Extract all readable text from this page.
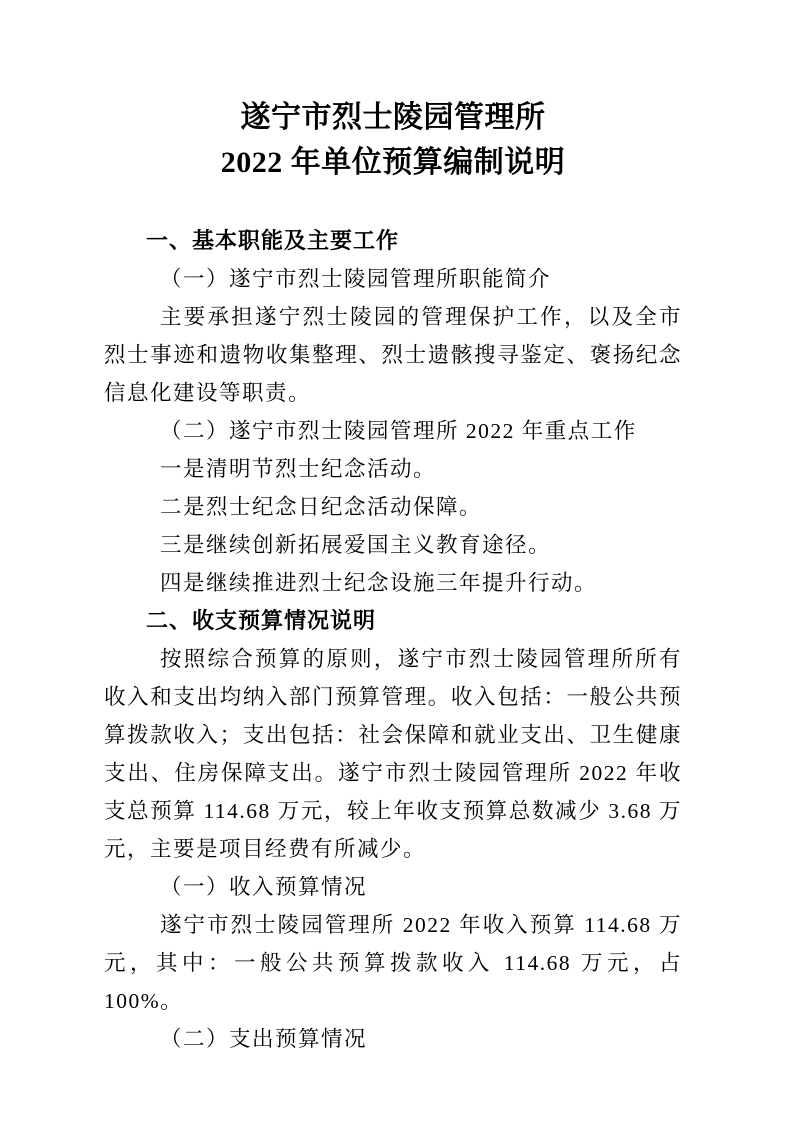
遂宁市烈士陵园管理所
2022 年单位预算编制说明

一、基本职能及主要工作

（一）遂宁市烈士陵园管理所职能简介

主要承担遂宁烈士陵园的管理保护工作，以及全市烈士事迹和遗物收集整理、烈士遗骸搜寻鉴定、褒扬纪念信息化建设等职责。

（二）遂宁市烈士陵园管理所 2022 年重点工作

一是清明节烈士纪念活动。

二是烈士纪念日纪念活动保障。

三是继续创新拓展爱国主义教育途径。

四是继续推进烈士纪念设施三年提升行动。

二、收支预算情况说明

按照综合预算的原则，遂宁市烈士陵园管理所所有收入和支出均纳入部门预算管理。收入包括：一般公共预算拨款收入；支出包括：社会保障和就业支出、卫生健康支出、住房保障支出。遂宁市烈士陵园管理所 2022 年收支总预算 114.68 万元，较上年收支预算总数减少 3.68 万元，主要是项目经费有所减少。

（一）收入预算情况

遂宁市烈士陵园管理所 2022 年收入预算 114.68 万元，其中：一般公共预算拨款收入 114.68 万元，占 100%。

（二）支出预算情况
